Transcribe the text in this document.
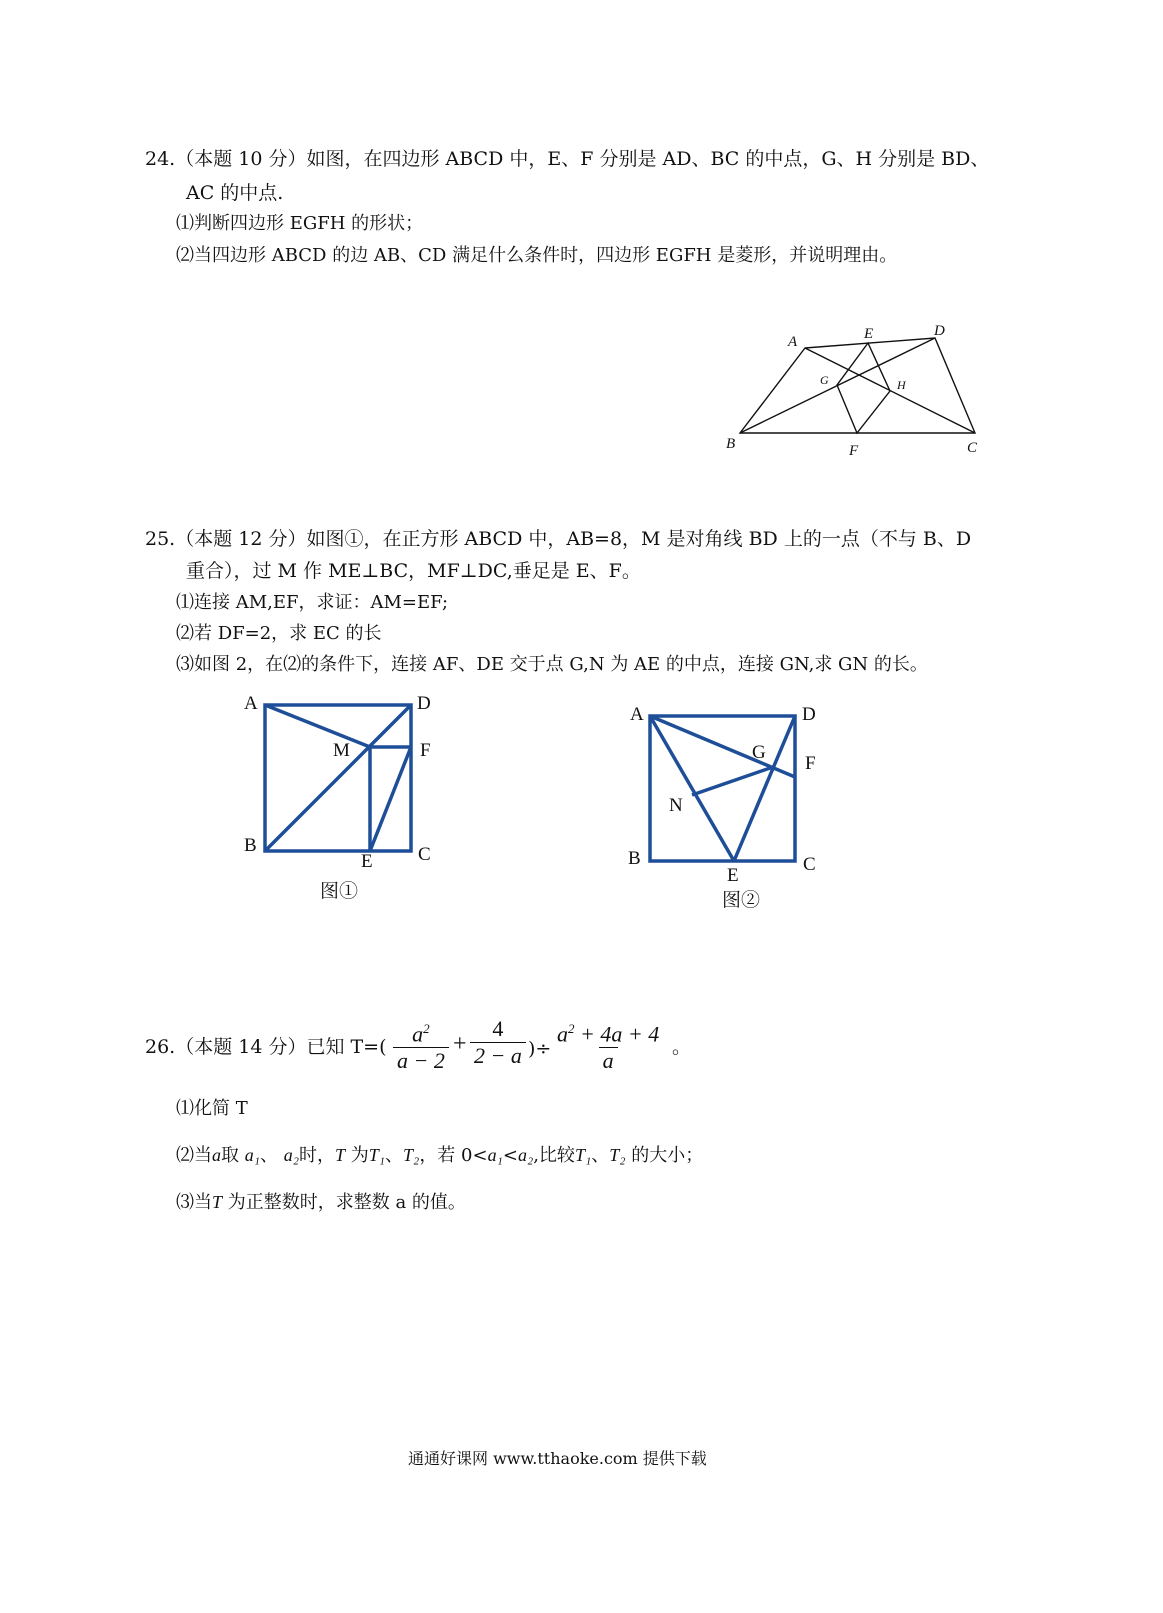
24.（本题 10 分）如图，在四边形 ABCD 中，E、F 分别是 AD、BC 的中点，G、H 分别是 BD、
AC 的中点.
⑴判断四边形 EGFH 的形状；
⑵当四边形 ABCD 的边 AB、CD 满足什么条件时，四边形 EGFH 是菱形，并说明理由。
A	E	D
G	H
B	F	C
25.（本题 12 分）如图①，在正方形 ABCD 中，AB=8，M 是对角线 BD 上的一点（不与 B、D
重合），过 M 作 ME⊥BC，MF⊥DC,垂足是 E、F。
⑴连接 AM,EF，求证：AM=EF;
⑵若 DF=2，求 EC 的长
⑶如图 2，在⑵的条件下，连接 AF、DE 交于点 G,N 为 AE 的中点，连接 GN,求 GN 的长。
A	D
M	F
B
E C
图①
A	D
G
F
N
B
E
C
图②
26.（本题 14 分）已知 $T=( \frac{a^2}{a - 2} + \frac{4}{2 - a}$ )÷ $\frac{a^2 + 4a + 4}{a}$ 。
⑴化简 T
⑵当a取 a₁、 a₂时，T 为T₁、T₂，若 0<a₁<a₂,比较T₁、T₂ 的大小；
⑶当T 为正整数时，求整数 a 的值。
通通好课网 www.tthaoke.com 提供下载
